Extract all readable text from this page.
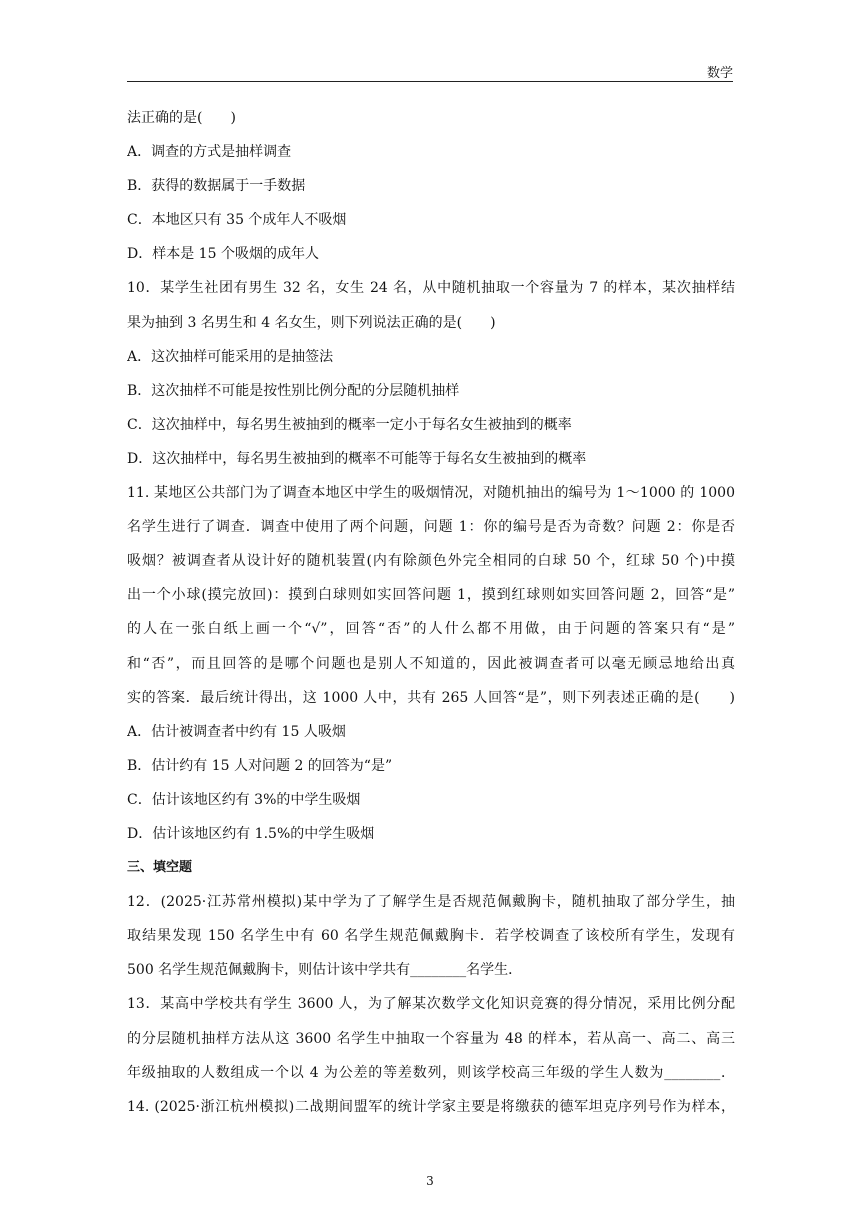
数学
法正确的是(　　)
A．调查的方式是抽样调查
B．获得的数据属于一手数据
C．本地区只有 35 个成年人不吸烟
D．样本是 15 个吸烟的成年人
10．某学生社团有男生 32 名，女生 24 名，从中随机抽取一个容量为 7 的样本，某次抽样结
果为抽到 3 名男生和 4 名女生，则下列说法正确的是(　　)
A．这次抽样可能采用的是抽签法
B．这次抽样不可能是按性别比例分配的分层随机抽样
C．这次抽样中，每名男生被抽到的概率一定小于每名女生被抽到的概率
D．这次抽样中，每名男生被抽到的概率不可能等于每名女生被抽到的概率
11. 某地区公共部门为了调查本地区中学生的吸烟情况，对随机抽出的编号为 1～1000 的 1000
名学生进行了调查．调查中使用了两个问题，问题 1：你的编号是否为奇数？问题 2：你是否
吸烟？被调查者从设计好的随机装置(内有除颜色外完全相同的白球 50 个，红球 50 个)中摸
出一个小球(摸完放回)：摸到白球则如实回答问题 1，摸到红球则如实回答问题 2，回答“是”
的人在一张白纸上画一个“√”，回答“否”的人什么都不用做，由于问题的答案只有“是”
和“否”，而且回答的是哪个问题也是别人不知道的，因此被调查者可以毫无顾忌地给出真
实的答案．最后统计得出，这 1000 人中，共有 265 人回答“是”，则下列表述正确的是(　　)
A．估计被调查者中约有 15 人吸烟
B．估计约有 15 人对问题 2 的回答为“是”
C．估计该地区约有 3%的中学生吸烟
D．估计该地区约有 1.5%的中学生吸烟
三、填空题
12．(2025·江苏常州模拟)某中学为了了解学生是否规范佩戴胸卡，随机抽取了部分学生，抽
取结果发现 150 名学生中有 60 名学生规范佩戴胸卡．若学校调查了该校所有学生，发现有
500 名学生规范佩戴胸卡，则估计该中学共有________名学生．
13．某高中学校共有学生 3600 人，为了解某次数学文化知识竞赛的得分情况，采用比例分配
的分层随机抽样方法从这 3600 名学生中抽取一个容量为 48 的样本，若从高一、高二、高三
年级抽取的人数组成一个以 4 为公差的等差数列，则该学校高三年级的学生人数为________．
14. (2025·浙江杭州模拟)二战期间盟军的统计学家主要是将缴获的德军坦克序列号作为样本，
3
